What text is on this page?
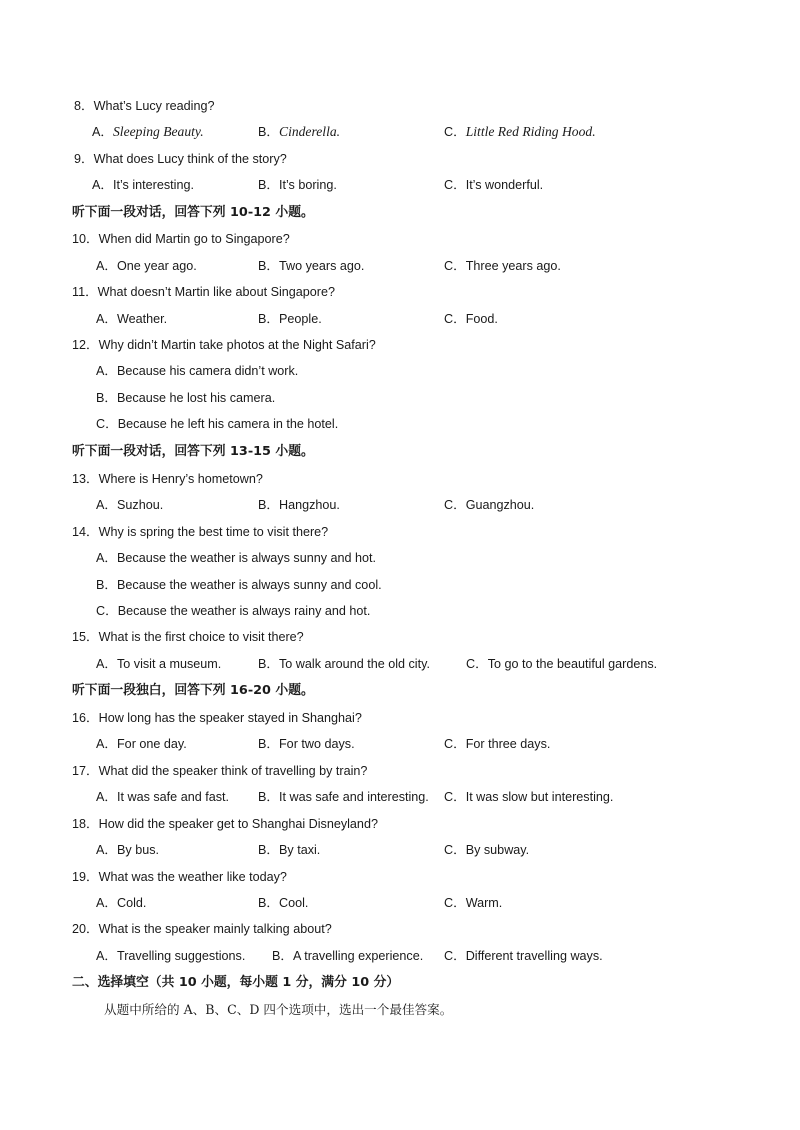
8．What’s Lucy reading?
A．Sleeping Beauty.	B．Cinderella.	C．Little Red Riding Hood.
9．What does Lucy think of the story?
A．It’s interesting.	B．It’s boring.	C．It’s wonderful.
听下面一段对话，回答下列 10-12 小题。
10．When did Martin go to Singapore?
A．One year ago.	B．Two years ago.	C．Three years ago.
11．What doesn’t Martin like about Singapore?
A．Weather.	B．People.	C．Food.
12．Why didn’t Martin take photos at the Night Safari?
A．Because his camera didn’t work.
B．Because he lost his camera.
C．Because he left his camera in the hotel.
听下面一段对话，回答下列 13-15 小题。
13．Where is Henry’s hometown?
A．Suzhou.	B．Hangzhou.	C．Guangzhou.
14．Why is spring the best time to visit there?
A．Because the weather is always sunny and hot.
B．Because the weather is always sunny and cool.
C．Because the weather is always rainy and hot.
15．What is the first choice to visit there?
A．To visit a museum.	B．To walk around the old city.	C．To go to the beautiful gardens.
听下面一段独白，回答下列 16-20 小题。
16．How long has the speaker stayed in Shanghai?
A．For one day.	B．For two days.	C．For three days.
17．What did the speaker think of travelling by train?
A．It was safe and fast. B．It was safe and interesting. C．It was slow but interesting.
18．How did the speaker get to Shanghai Disneyland?
A．By bus.	B．By taxi.	C．By subway.
19．What was the weather like today?
A．Cold.	B．Cool.	C．Warm.
20．What is the speaker mainly talking about?
A．Travelling suggestions. B．A travelling experience. C．Different travelling ways.
二、选择填空（共 10 小题，每小题 1 分，满分 10 分）
从题中所给的 A、B、C、D 四个选项中，选出一个最佳答案。
